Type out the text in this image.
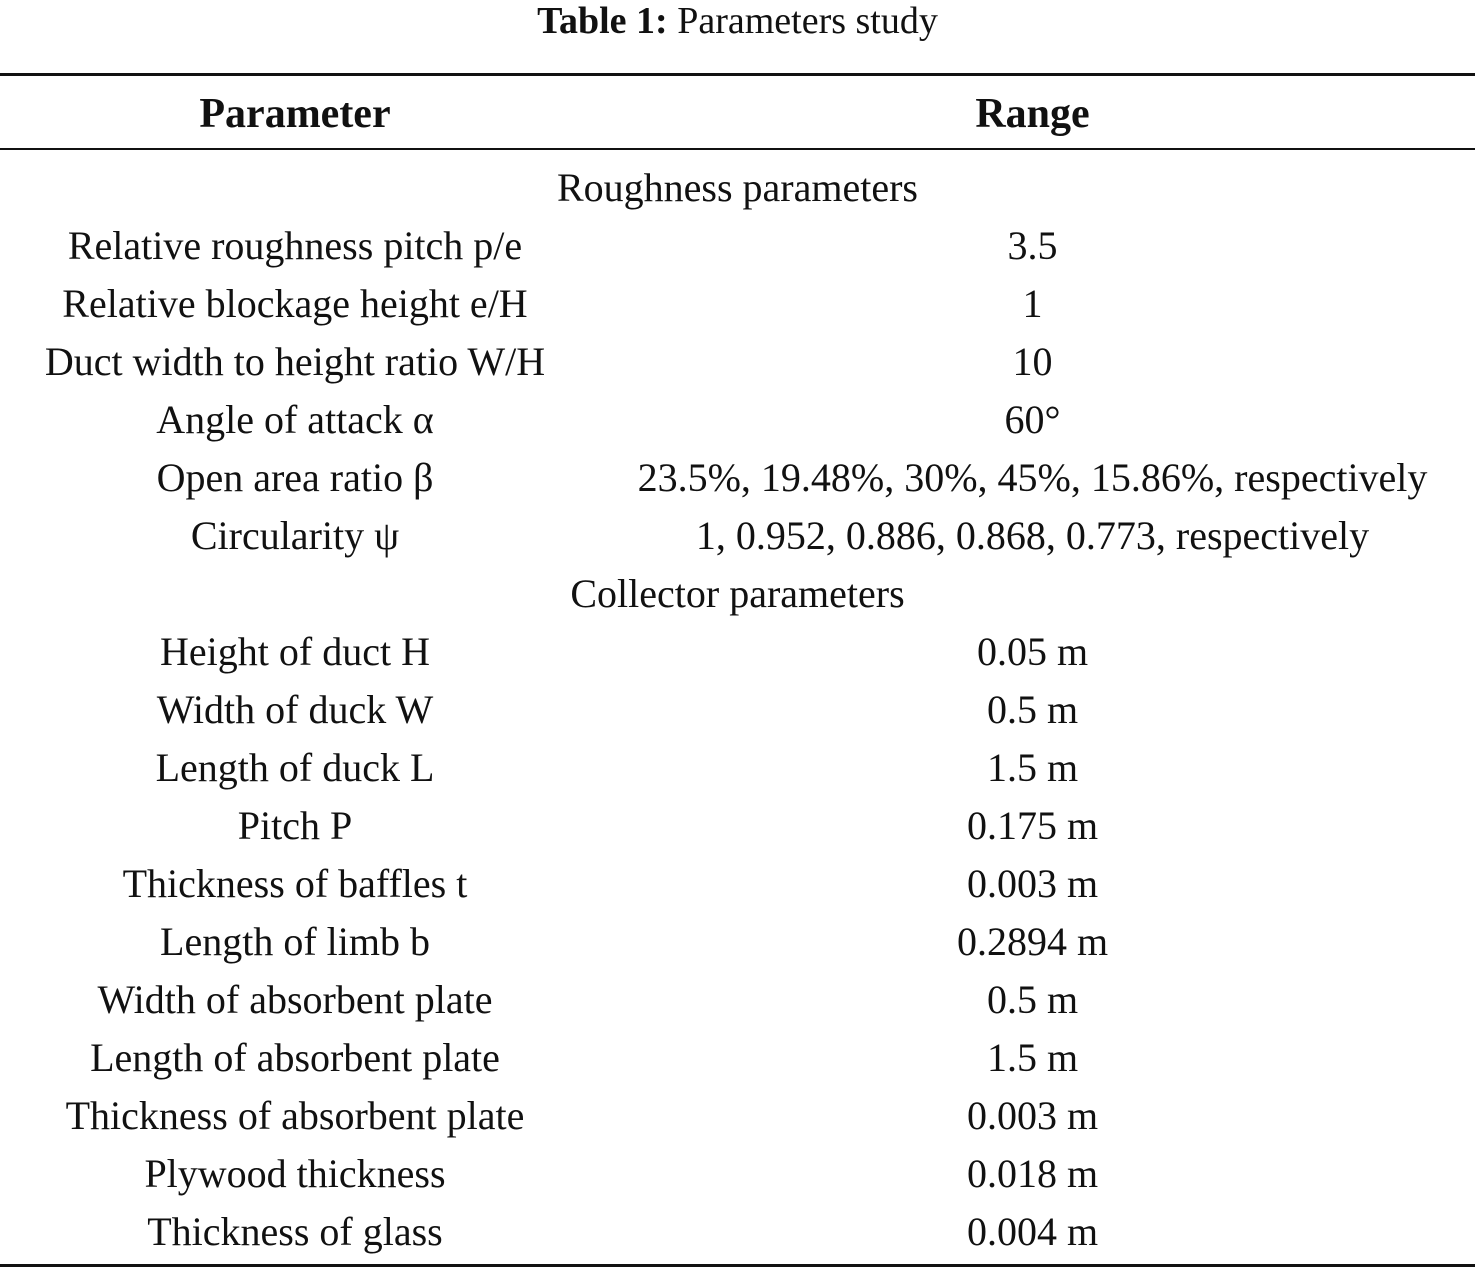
Table 1: Parameters study
Parameter	Range
Roughness parameters
Relative roughness pitch p/e	3.5
Relative blockage height e/H	1
Duct width to height ratio W/H	10
Angle of attack α	60°
Open area ratio β	23.5%, 19.48%, 30%, 45%, 15.86%, respectively
Circularity ψ	1, 0.952, 0.886, 0.868, 0.773, respectively
Collector parameters
Height of duct H	0.05 m
Width of duck W	0.5 m
Length of duck L	1.5 m
Pitch P	0.175 m
Thickness of baffles t	0.003 m
Length of limb b	0.2894 m
Width of absorbent plate	0.5 m
Length of absorbent plate	1.5 m
Thickness of absorbent plate	0.003 m
Plywood thickness	0.018 m
Thickness of glass	0.004 m
